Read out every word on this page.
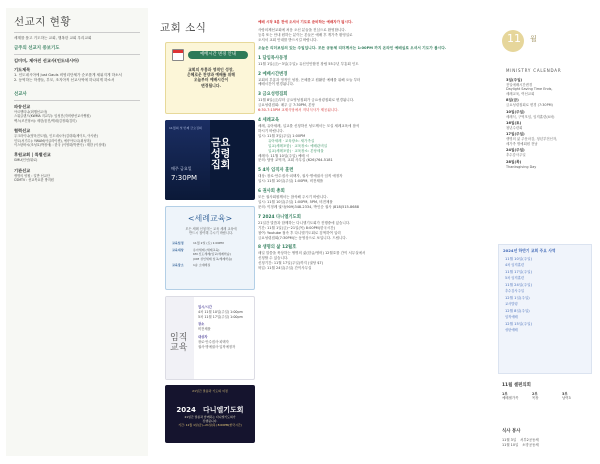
선교지 현황
세계를 품고 기도하는 교회, 행복한 교회 우리교회
금주의 선교지 중보기도
김미미, 제아진 선교사(인도네시아)
기도제목
1. 인도네시아에 Just Gauls 비영리단체가 순조롭게 세워지게 하소서
2. 동역하는 학생들, 부모, 조지아직 선교사역에 하나되게 하소서
선교사
파송선교
아르헨티나(최행선교사)
스위클랜드(KWMA 지교부): 임성진(자비량선교사쩡원)
벡스(조진형씨): 세한/윤진/케네(김정희/김미)
협력선교
우크라이나(양육전도원), 인도네시아(김대희/세이트, 아사란)
인도(서기수): YWAM(아클라이센), 에쿠아도르(최성미)
이스탄바시(조성호/박정애) : 한국 (이영화/박현아) : 태한 (이상태)
후원교회 | 특별선교
GMU(인선/워로)
기관선교
생명의 양원 : 일반 선교단
CSMTV : 선교목요한 방지원
교회 소식
예배시간 변경 안내
교회의 부흥과 영적인 성장,
은혜로운 찬양과 예배를 위해
오늘부터 예배시간이
변경됩니다.
11월의 첫 번째 금요집회
금요
성령
집회
매주 금요일
7:30PM
<세례교육>
모든 세례 신청자는 교육 세례 교육에
반드시 참여해 주시기 바랍니다.
교육일정	11월 2일 (토) 1:00PM
교육대상	유아세례 (세례교육)
KM 신도세례(입교/세례학습)
(OM 성인세례 입교/세례학습)
교육장소	1층 소예배실
임직교육
일시/시간
4차 11월 10일(주일) 1:00pm
5차 11월 17일(주일) 1:00pm
장소
비전채플
대상자
장로·안수집사·피택자
권사·명예권사·입직예정자
21일간 말씀과 기도의 여정
2024 다니엘기도회
21일간 말씀과 함께하는 다니엘기도회가
진행됩니다.
기간: 11월 1일(금)~21일(목) 8:00PM(한국시간)
예배 시작 5분 전에 오셔서 기도로 준비하는 예배자가 됩시다.
사랑의제선교회에 처음 오신 분들을 진심으로 환영합니다.
등록 또는 안내 원하는 분이는 본들은 예배 후 게가족 환영실로
오셔서 교회 안내를 받으시길 바랍니다.
오늘은 리더보임의 있는 주일입니다. 모든 공동체 리더께서는 1:00PM 까지 온라인 예배실로 오셔서 기도가 봅시다.
1 담임목사동정
11월 1일(금)~3일(주일): 유신인안합전 창립 55주년 부흥회 인도
2 예배시간변경
교회의 부흥과 영적인 성장, 은혜롭고 원활한 예배를 위해 오늘 부터
예배시간이 변경됩니다.
3 금요성령집회
11월 8일(금)부터 금요영성집회가 금요성령집회로 변경됩니다.
금요성령집회: 매주 금 7:30PM, 본당
6:30-7:15PM 교제식당에서 저녁식사가 제공됩니다.
4 세례교육
세례, 유아세례, 입교를 신청하신 성도께서는 모실 세례교육에 참석
하시기 바랍니다.
일시: 11월 3일(주일) 1:00PM
유아세례 · 교육장소: 새가족실
입교(세례포함) · 교육장소: 예배관비실
입교(세례포함) · 교육장소: 본당세물
세례식: 11월 10일(주일) 예배 시
문의: 담당 교역자, 교회 사무실 (626)764-5181
5 4차 임직자 훈련
대상: 장로·안수집사·피택자, 권사·명예권사 임직 예정자
일시: 11월 10일(주일) 1:00PM, 비전채플
6 권사회 총회
모든 권사회원께서는 참석해 주시기 바랍니다.
일시: 11월 10일(주일) 1:00PM, 5PM, 비전채플
문의: 이정례 권사(909)348-2334, 박인순 권사 (818)515-8688
7 2024 다니엘기도회
21일간 말씀과 함께하는 다니엘기도회가 진행중에 있습니다.
기간: 11월 1일(금)~21일(목) 8:00PM(한국시간)
참여: Youtube 접속 후 다니엘기도회로 검색하여 입력
금요성령집회(7:30PM)는 동영상으로 보입니다. 드립니다.
8 생명의 삶 12월호
매일 말씀을 묵상하는 생명의 삶(한글/영어) 12월호를 간이 서무실에서
신청할 수 있습니다.
신청기간: 11월 17일(주일)까지 (권당 $7)
픽업: 11월 24일(주일) 간이사무실
11 월
MINISTRY CALENDAR
3일(주일)
전일예배시간변경
Daylight Saving Time Ends,
세례교육, 여선교회
8일(금)
금요성령집회로 변경 (7:30PM)
10일(주일)
세례식, 구역모임, 임직훈련(4차)
16일(토)
청년수련회
17일(주일)
생명의 삶 주문마감, 청년부전신자,
세가족 명예회원 전남
24일(주일)
추수감사주일
28일(목)
Thanksgiving Day
2024년 하반기 교회 주요 사역
11월 10일(주일)
4차 임직훈련
11월 17일(주일)
5차 임직훈련
11월 24일(주일)
추수감사주일
12월 1일(주일)
교사발령
12월 8일(주일)
임직예배
12월 15일(주일)
성탄예배
11월 셀편의회
1부
예배셀가족
2부
목장
3부
남여3
식사 봉사
11월 3일 서부2공동체
11월 10일 소망공동체
